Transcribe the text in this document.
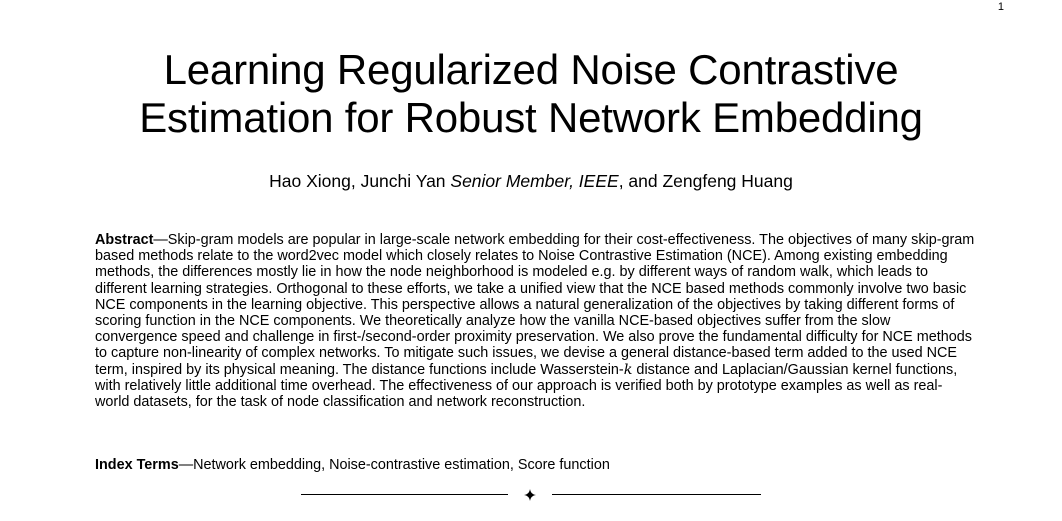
1
Learning Regularized Noise Contrastive
Estimation for Robust Network Embedding
Hao Xiong, Junchi Yan Senior Member, IEEE, and Zengfeng Huang

Abstract—Skip-gram models are popular in large-scale network embedding for their cost-effectiveness. The objectives of many skip-gram based methods relate to the word2vec model which closely relates to Noise Contrastive Estimation (NCE). Among existing embedding methods, the differences mostly lie in how the node neighborhood is modeled e.g. by different ways of random walk, which leads to different learning strategies. Orthogonal to these efforts, we take a unified view that the NCE based methods commonly involve two basic NCE components in the learning objective. This perspective allows a natural generalization of the objectives by taking different forms of scoring function in the NCE components. We theoretically analyze how the vanilla NCE-based objectives suffer from the slow convergence speed and challenge in first-/second-order proximity preservation. We also prove the fundamental difficulty for NCE methods to capture non-linearity of complex networks. To mitigate such issues, we devise a general distance-based term added to the used NCE term, inspired by its physical meaning. The distance functions include Wasserstein-k distance and Laplacian/Gaussian kernel functions, with relatively little additional time overhead. The effectiveness of our approach is verified both by prototype examples as well as real-world datasets, for the task of node classification and network reconstruction.

Index Terms—Network embedding, Noise-contrastive estimation, Score function
